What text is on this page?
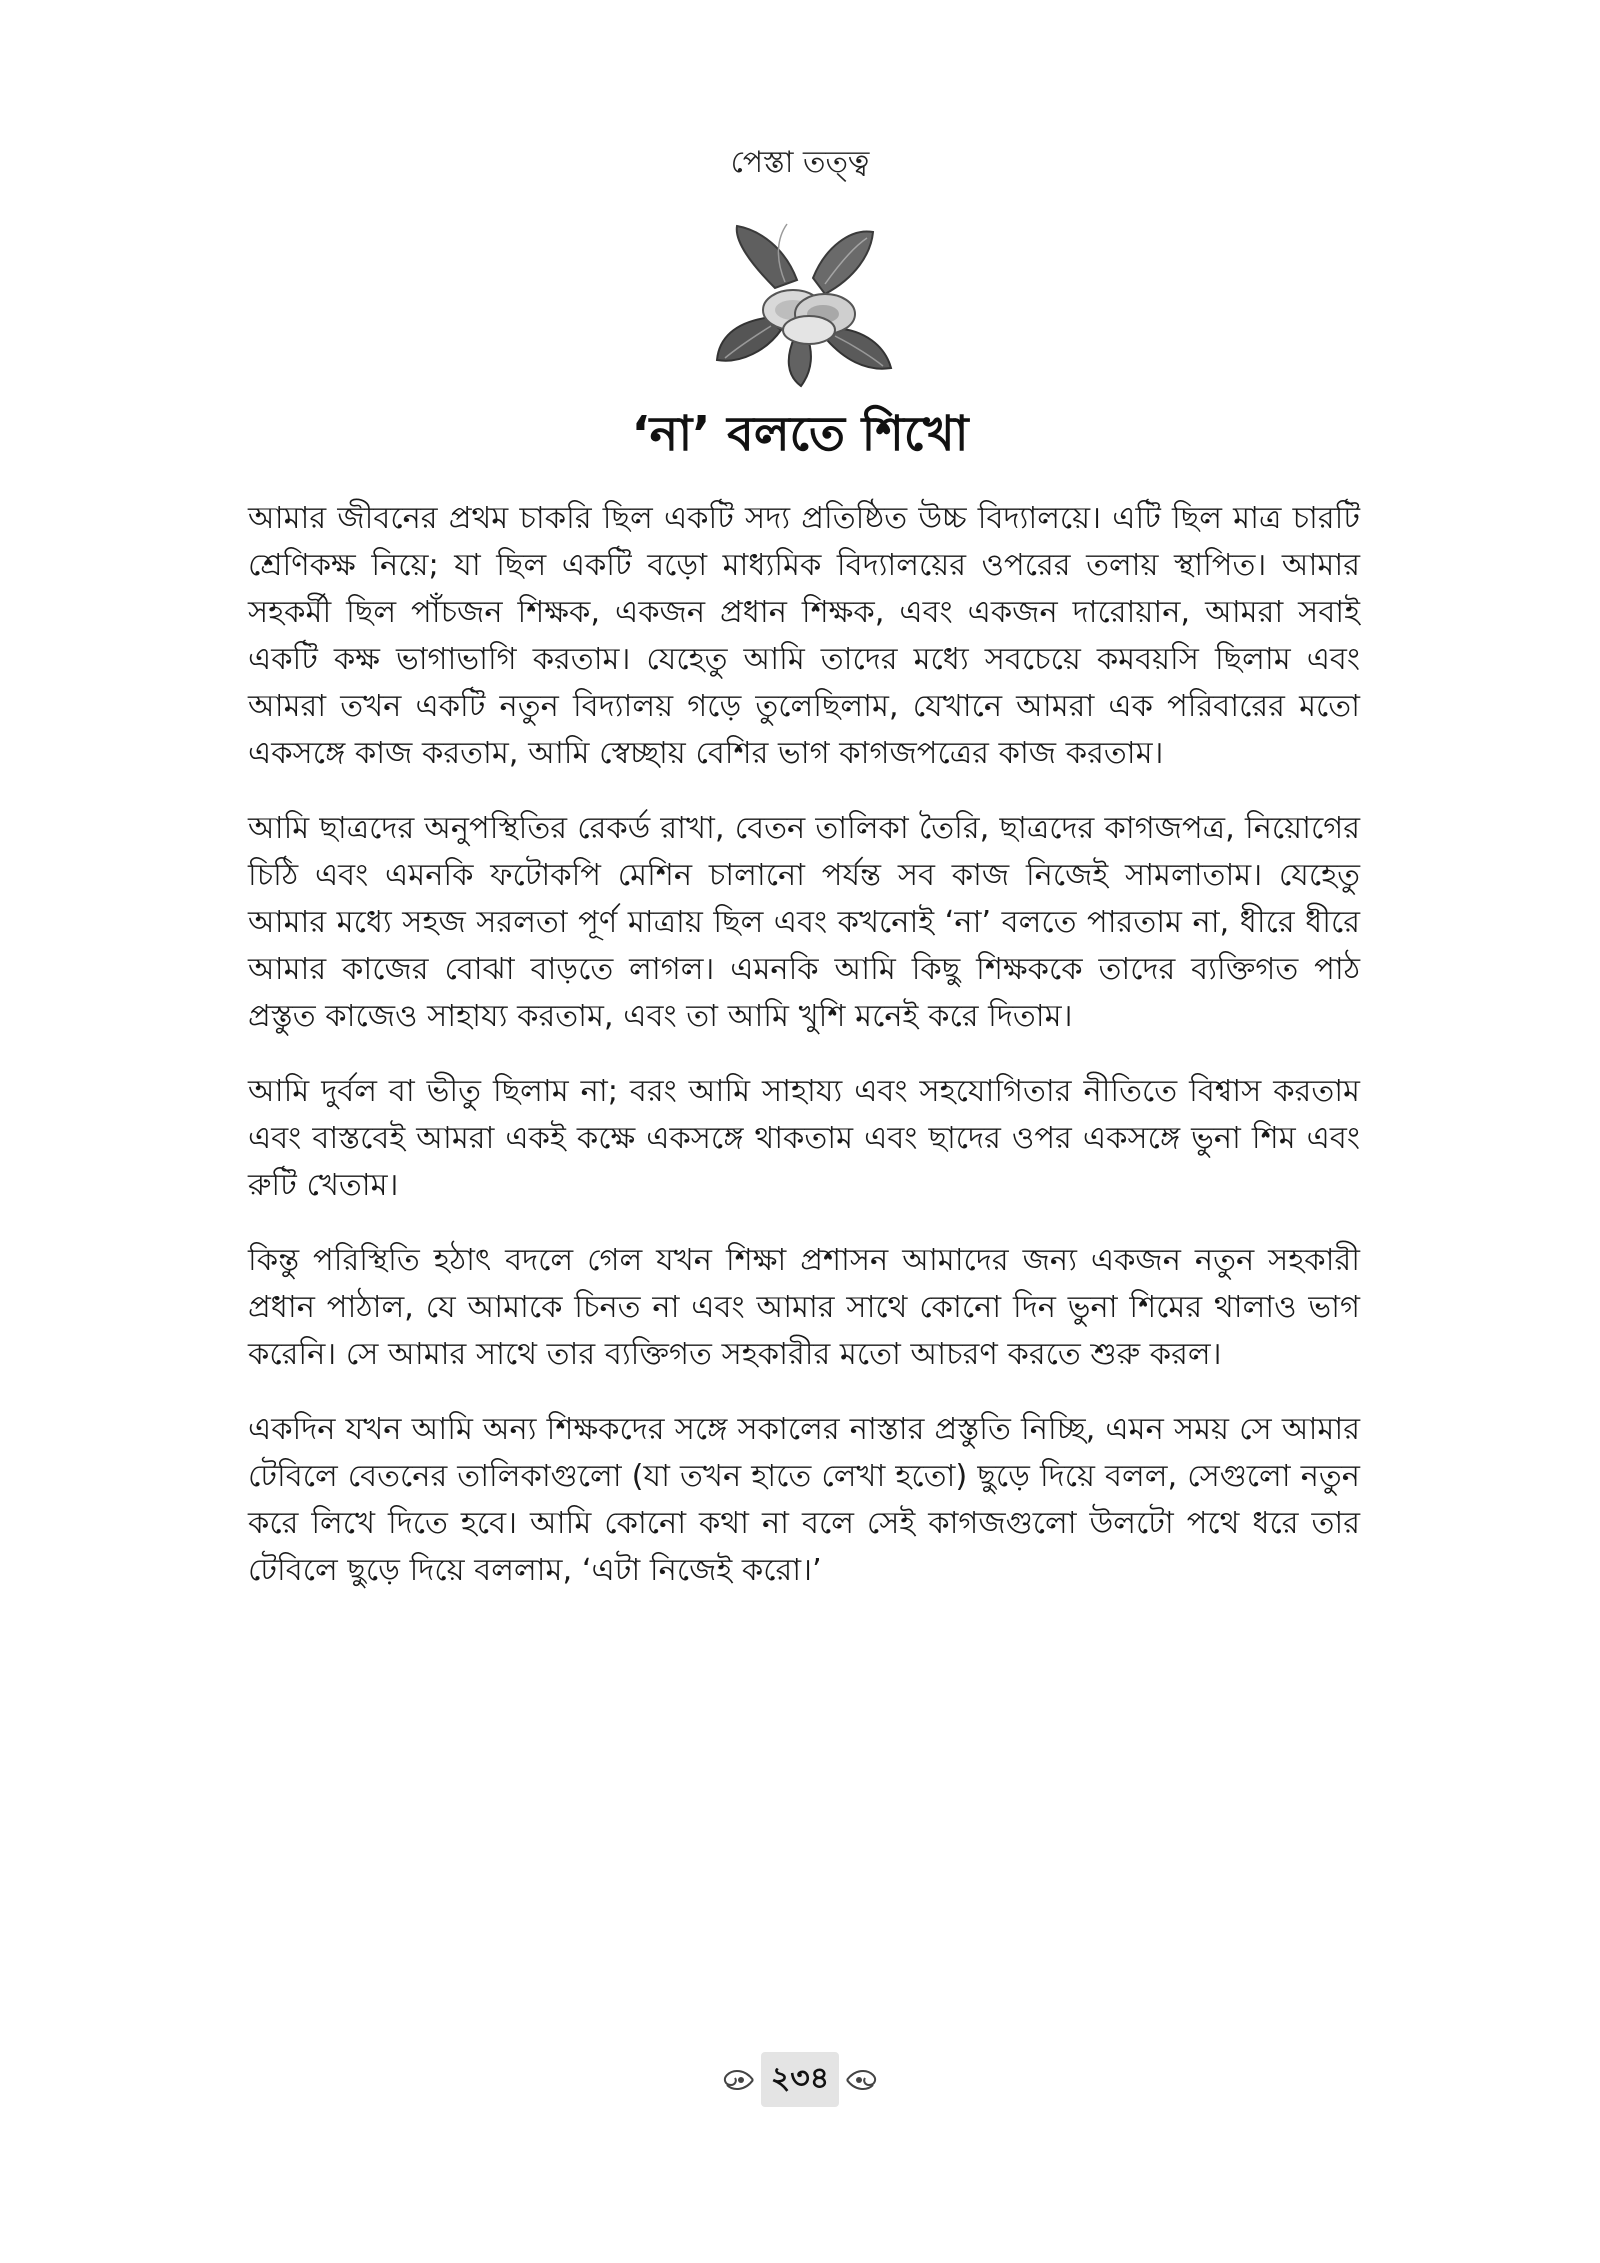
পেস্তা তত্ত্ব
‘না’ বলতে শিখো

আমার জীবনের প্রথম চাকরি ছিল একটি সদ্য প্রতিষ্ঠিত উচ্চ বিদ্যালয়ে। এটি ছিল মাত্র চারটি শ্রেণিকক্ষ নিয়ে; যা ছিল একটি বড়ো মাধ্যমিক বিদ্যালয়ের ওপরের তলায় স্থাপিত। আমার সহকর্মী ছিল পাঁচজন শিক্ষক, একজন প্রধান শিক্ষক, এবং একজন দারোয়ান, আমরা সবাই একটি কক্ষ ভাগাভাগি করতাম। যেহেতু আমি তাদের মধ্যে সবচেয়ে কমবয়সি ছিলাম এবং আমরা তখন একটি নতুন বিদ্যালয় গড়ে তুলেছিলাম, যেখানে আমরা এক পরিবারের মতো একসঙ্গে কাজ করতাম, আমি স্বেচ্ছায় বেশির ভাগ কাগজপত্রের কাজ করতাম।

আমি ছাত্রদের অনুপস্থিতির রেকর্ড রাখা, বেতন তালিকা তৈরি, ছাত্রদের কাগজপত্র, নিয়োগের চিঠি এবং এমনকি ফটোকপি মেশিন চালানো পর্যন্ত সব কাজ নিজেই সামলাতাম। যেহেতু আমার মধ্যে সহজ সরলতা পূর্ণ মাত্রায় ছিল এবং কখনোই ‘না’ বলতে পারতাম না, ধীরে ধীরে আমার কাজের বোঝা বাড়তে লাগল। এমনকি আমি কিছু শিক্ষককে তাদের ব্যক্তিগত পাঠ প্রস্তুত কাজেও সাহায্য করতাম, এবং তা আমি খুশি মনেই করে দিতাম।

আমি দুর্বল বা ভীতু ছিলাম না; বরং আমি সাহায্য এবং সহযোগিতার নীতিতে বিশ্বাস করতাম এবং বাস্তবেই আমরা একই কক্ষে একসঙ্গে থাকতাম এবং ছাদের ওপর একসঙ্গে ভুনা শিম এবং রুটি খেতাম।

কিন্তু পরিস্থিতি হঠাৎ বদলে গেল যখন শিক্ষা প্রশাসন আমাদের জন্য একজন নতুন সহকারী প্রধান পাঠাল, যে আমাকে চিনত না এবং আমার সাথে কোনো দিন ভুনা শিমের থালাও ভাগ করেনি। সে আমার সাথে তার ব্যক্তিগত সহকারীর মতো আচরণ করতে শুরু করল।

একদিন যখন আমি অন্য শিক্ষকদের সঙ্গে সকালের নাস্তার প্রস্তুতি নিচ্ছি, এমন সময় সে আমার টেবিলে বেতনের তালিকাগুলো (যা তখন হাতে লেখা হতো) ছুড়ে দিয়ে বলল, সেগুলো নতুন করে লিখে দিতে হবে। আমি কোনো কথা না বলে সেই কাগজগুলো উলটো পথে ধরে তার টেবিলে ছুড়ে দিয়ে বললাম, ‘এটা নিজেই করো।’

২৩৪
